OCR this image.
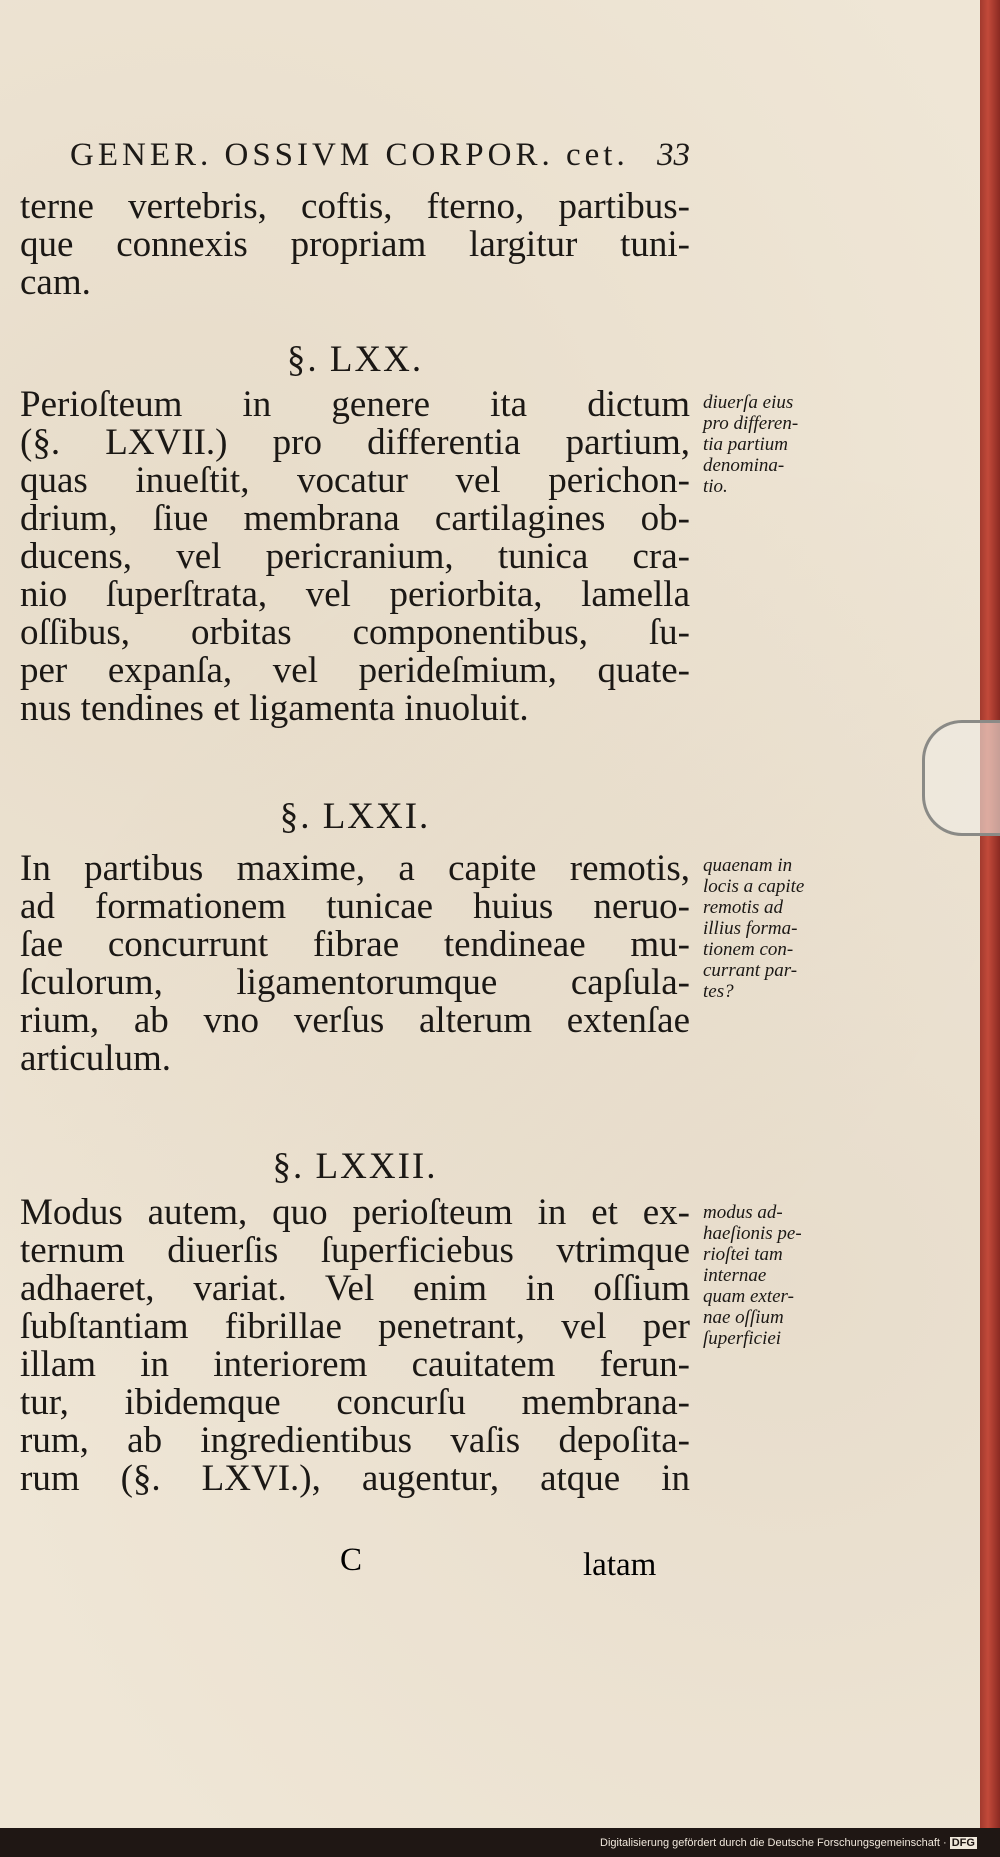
GENER. OSSIVM CORPOR. cet. 33
terne vertebris, coftis, fterno, partibus-
que connexis propriam largitur tuni-
cam.
§. LXX.
Perioſteum in genere ita dictum
(§. LXVII.) pro differentia partium,
quas inueſtit, vocatur vel perichon-
drium, ſiue membrana cartilagines ob-
ducens, vel pericranium, tunica cra-
nio ſuperſtrata, vel periorbita, lamella
oſſibus, orbitas componentibus, ſu-
per expanſa, vel perideſmium, quate-
nus tendines et ligamenta inuoluit.
diuerſa eius
pro differen-
tia partium
denomina-
tio.
§. LXXI.
In partibus maxime, a capite remotis,
ad formationem tunicae huius neruo-
ſae concurrunt fibrae tendineae mu-
ſculorum, ligamentorumque capſula-
rium, ab vno verſus alterum extenſae
articulum.
quaenam in
locis a capite
remotis ad
illius forma-
tionem con-
currant par-
tes?
§. LXXII.
Modus autem, quo perioſteum in et ex-
ternum diuerſis ſuperficiebus vtrimque
adhaeret, variat. Vel enim in oſſium
ſubſtantiam fibrillae penetrant, vel per
illam in interiorem cauitatem ferun-
tur, ibidemque concurſu membrana-
rum, ab ingredientibus vaſis depoſita-
rum (§. LXVI.), augentur, atque in
modus ad-
haeſionis pe-
rioſtei tam
internae
quam exter-
nae oſſium
ſuperficiei
C	latam
Digitalisierung gefördert durch die Deutsche Forschungsgemeinschaft · DFG
